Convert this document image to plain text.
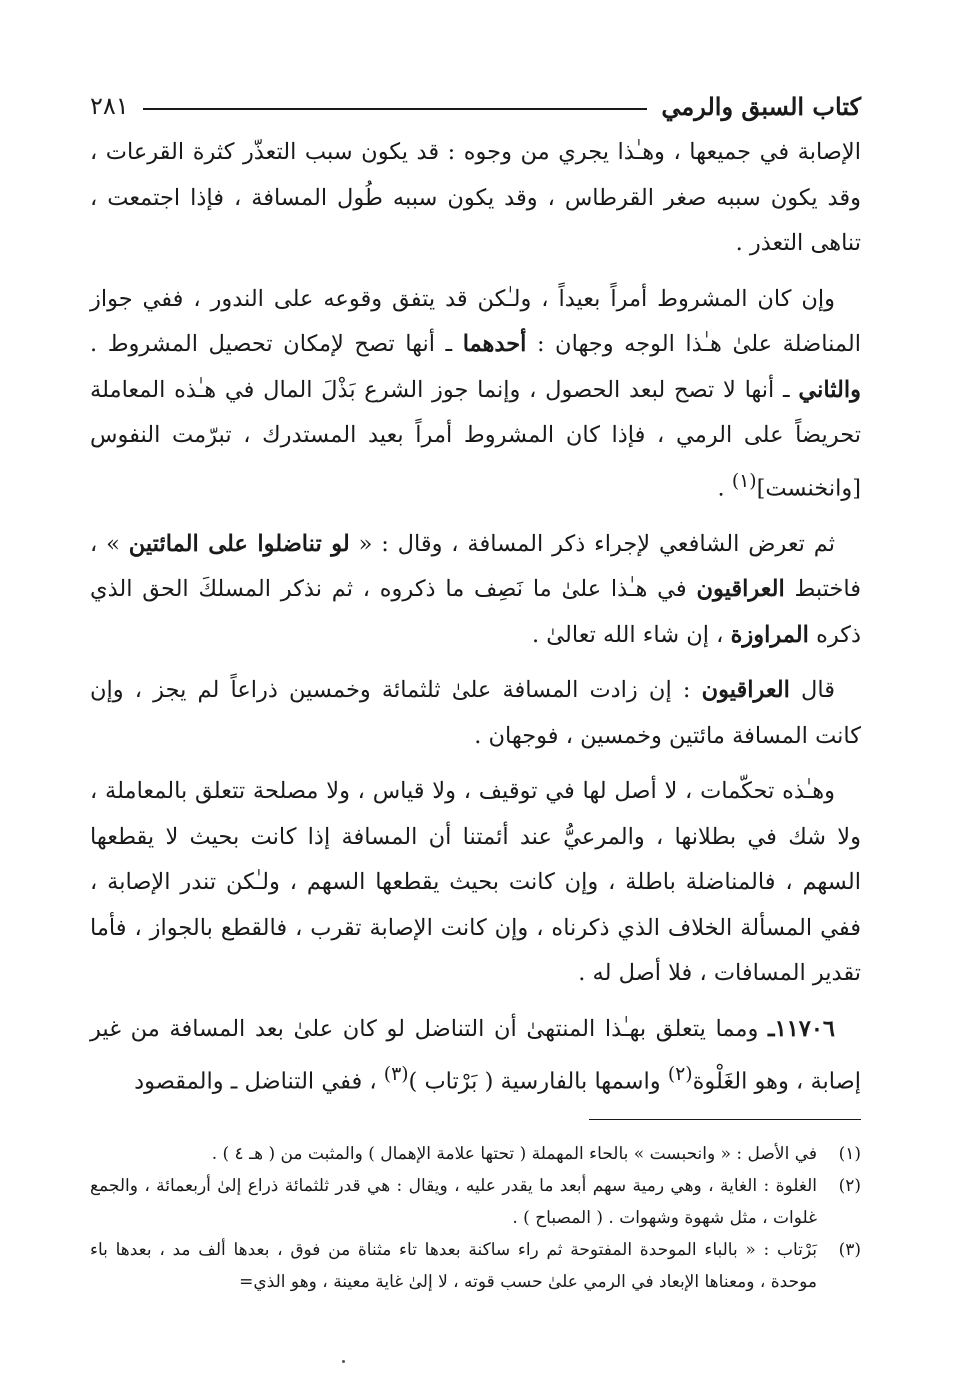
كتاب السبق والرمي
٢٨١

الإصابة في جميعها ، وهـٰذا يجري من وجوه : قد يكون سبب التعذّر كثرة القرعات ، وقد يكون سببه صغر القرطاس ، وقد يكون سببه طُول المسافة ، فإذا اجتمعت ، تناهى التعذر .

وإن كان المشروط أمراً بعيداً ، ولـٰكن قد يتفق وقوعه على الندور ، ففي جواز المناضلة علىٰ هـٰذا الوجه وجهان : أحدهما ـ أنها تصح لإمكان تحصيل المشروط . والثاني ـ أنها لا تصح لبعد الحصول ، وإنما جوز الشرع بَذْلَ المال في هـٰذه المعاملة تحريضاً على الرمي ، فإذا كان المشروط أمراً بعيد المستدرك ، تبرّمت النفوس [وانخنست]$^{(١)}$ .

ثم تعرض الشافعي لإجراء ذكر المسافة ، وقال : « لو تناضلوا على المائتين » ، فاختبط العراقيون في هـٰذا علىٰ ما نَصِف ما ذكروه ، ثم نذكر المسلكَ الحق الذي ذكره المراوزة ، إن شاء الله تعالىٰ .

قال العراقيون : إن زادت المسافة علىٰ ثلثمائة وخمسين ذراعاً لم يجز ، وإن كانت المسافة مائتين وخمسين ، فوجهان .

وهـٰذه تحكّمات ، لا أصل لها في توقيف ، ولا قياس ، ولا مصلحة تتعلق بالمعاملة ، ولا شك في بطلانها ، والمرعيُّ عند أئمتنا أن المسافة إذا كانت بحيث لا يقطعها السهم ، فالمناضلة باطلة ، وإن كانت بحيث يقطعها السهم ، ولـٰكن تندر الإصابة ، ففي المسألة الخلاف الذي ذكرناه ، وإن كانت الإصابة تقرب ، فالقطع بالجواز ، فأما تقدير المسافات ، فلا أصل له .

١١٧٠٦ـ ومما يتعلق بهـٰذا المنتهىٰ أن التناضل لو كان علىٰ بعد المسافة من غير إصابة ، وهو الغَلْوة$^{(٢)}$ واسمها بالفارسية ( بَرْتاب )$^{(٣)}$ ، ففي التناضل ـ والمقصود

(١)
في الأصل : « وانحبست » بالحاء المهملة ( تحتها علامة الإهمال ) والمثبت من ( هـ ٤ ) .

(٢)
الغلوة : الغاية ، وهي رمية سهم أبعد ما يقدر عليه ، ويقال : هي قدر ثلثمائة ذراع إلىٰ أربعمائة ، والجمع غلوات ، مثل شهوة وشهوات . ( المصباح ) .

(٣)
بَرْتاب : « بالباء الموحدة المفتوحة ثم راء ساكنة بعدها تاء مثناة من فوق ، بعدها ألف مد ، بعدها باء موحدة ، ومعناها الإبعاد في الرمي علىٰ حسب قوته ، لا إلىٰ غاية معينة ، وهو الذي=
